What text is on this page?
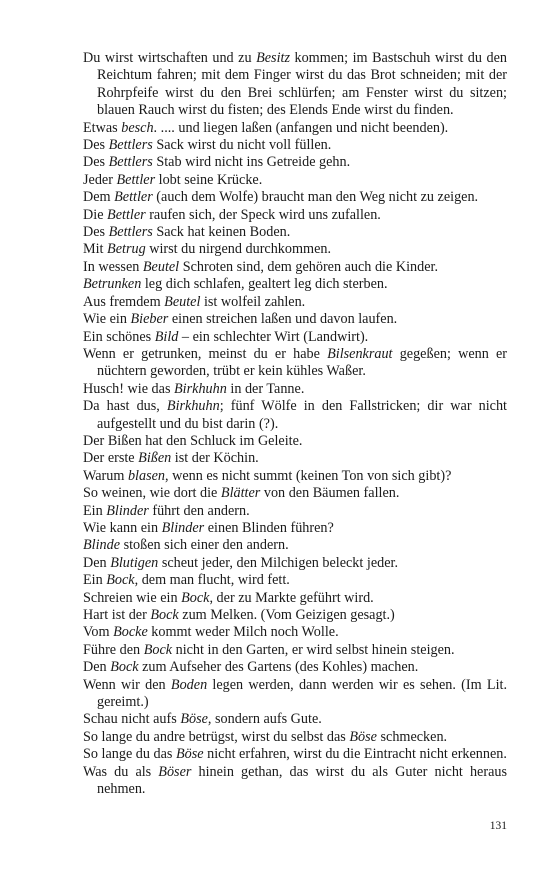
Du wirst wirtschaften und zu Besitz kommen; im Bastschuh wirst du den Reichtum fahren; mit dem Finger wirst du das Brot schneiden; mit der Rohrpfeife wirst du den Brei schlürfen; am Fenster wirst du sitzen; blauen Rauch wirst du fisten; des Elends Ende wirst du finden.

Etwas besch. .... und liegen laßen (anfangen und nicht beenden).

Des Bettlers Sack wirst du nicht voll füllen.

Des Bettlers Stab wird nicht ins Getreide gehn.

Jeder Bettler lobt seine Krücke.

Dem Bettler (auch dem Wolfe) braucht man den Weg nicht zu zeigen.

Die Bettler raufen sich, der Speck wird uns zufallen.

Des Bettlers Sack hat keinen Boden.

Mit Betrug wirst du nirgend durchkommen.

In wessen Beutel Schroten sind, dem gehören auch die Kinder.

Betrunken leg dich schlafen, gealtert leg dich sterben.

Aus fremdem Beutel ist wolfeil zahlen.

Wie ein Bieber einen streichen laßen und davon laufen.

Ein schönes Bild – ein schlechter Wirt (Landwirt).

Wenn er getrunken, meinst du er habe Bilsenkraut gegeßen; wenn er nüchtern geworden, trübt er kein kühles Waßer.

Husch! wie das Birkhuhn in der Tanne.

Da hast dus, Birkhuhn; fünf Wölfe in den Fallstricken; dir war nicht aufgestellt und du bist darin (?).

Der Bißen hat den Schluck im Geleite.

Der erste Bißen ist der Köchin.

Warum blasen, wenn es nicht summt (keinen Ton von sich gibt)?

So weinen, wie dort die Blätter von den Bäumen fallen.

Ein Blinder führt den andern.

Wie kann ein Blinder einen Blinden führen?

Blinde stoßen sich einer den andern.

Den Blutigen scheut jeder, den Milchigen beleckt jeder.

Ein Bock, dem man flucht, wird fett.

Schreien wie ein Bock, der zu Markte geführt wird.

Hart ist der Bock zum Melken. (Vom Geizigen gesagt.)

Vom Bocke kommt weder Milch noch Wolle.

Führe den Bock nicht in den Garten, er wird selbst hinein steigen.

Den Bock zum Aufseher des Gartens (des Kohles) machen.

Wenn wir den Boden legen werden, dann werden wir es sehen. (Im Lit. gereimt.)

Schau nicht aufs Böse, sondern aufs Gute.

So lange du andre betrügst, wirst du selbst das Böse schmecken.

So lange du das Böse nicht erfahren, wirst du die Eintracht nicht erkennen.

Was du als Böser hinein gethan, das wirst du als Guter nicht heraus nehmen.

131
